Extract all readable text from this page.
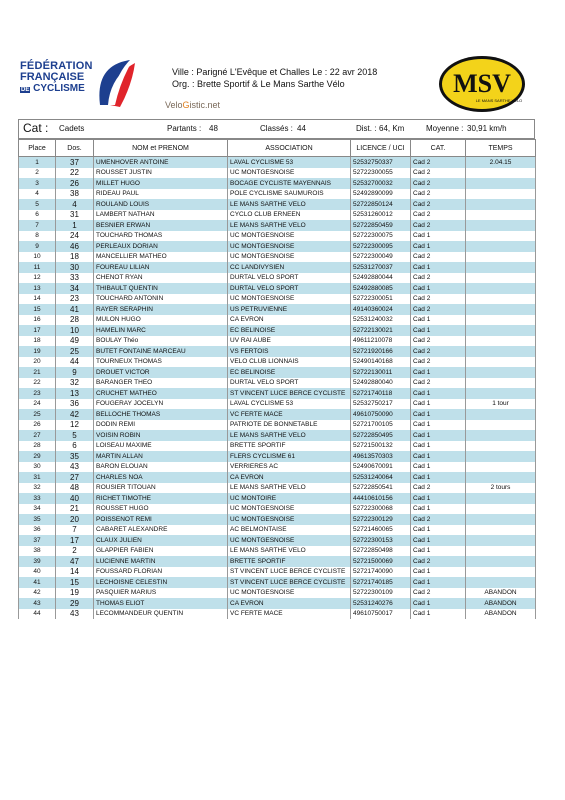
FÉDÉRATION
FRANÇAISE
DE CYCLISME
Ville : Parigné L'Evêque et Challes Le : 22 avr 2018
Org. : Brette Sportif & Le Mans Sarthe Vélo
VeloGistic.net
MSV
LE MANS SARTHE VÉLO
Cat : Cadets	Partants : 48	Classés : 44	Dist. : 64, Km	Moyenne : 30,91 km/h
Place	Dos.	NOM et PRENOM	ASSOCIATION	LICENCE / UCI	CAT.	TEMPS
1	37	UMENHOVER ANTOINE	LAVAL CYCLISME 53	52532750337	Cad 2	2.04.15
2	22	ROUSSET JUSTIN	UC MONTGESNOISE	52722300055	Cad 2	
3	26	MILLET HUGO	BOCAGE CYCLISTE MAYENNAIS	52532700032	Cad 2	
4	38	RIDEAU PAUL	POLE CYCLISME SAUMUROIS	52492890099	Cad 2	
5	4	ROULAND LOUIS	LE MANS SARTHE VELO	52722850124	Cad 2	
6	31	LAMBERT NATHAN	CYCLO CLUB ERNEEN	52531260012	Cad 2	
7	1	BESNIER ERWAN	LE MANS SARTHE VELO	52722850459	Cad 2	
8	24	TOUCHARD THOMAS	UC MONTGESNOISE	52722300075	Cad 1	
9	46	PERLEAUX DORIAN	UC MONTGESNOISE	52722300095	Cad 1	
10	18	MANCELLIER MATHEO	UC MONTGESNOISE	52722300049	Cad 2	
11	30	FOUREAU LILIAN	CC LANDIVYSIEN	52531270037	Cad 1	
12	33	CHENOT RYAN	DURTAL VELO SPORT	52492880044	Cad 2	
13	34	THIBAULT QUENTIN	DURTAL VELO SPORT	52492880085	Cad 1	
14	23	TOUCHARD ANTONIN	UC MONTGESNOISE	52722300051	Cad 2	
15	41	RAYER SERAPHIN	US PETRUVIENNE	49140360024	Cad 2	
16	28	MULON HUGO	CA EVRON	52531240032	Cad 1	
17	10	HAMELIN MARC	EC BELINOISE	52722130021	Cad 1	
18	49	BOULAY Théo	UV RAI AUBE	49611210078	Cad 2	
19	25	BUTET FONTAINE MARCEAU	VS FERTOIS	52721920166	Cad 2	
20	44	TOURNEUX THOMAS	VELO CLUB LIONNAIS	52490140168	Cad 2	
21	9	DROUET VICTOR	EC BELINOISE	52722130011	Cad 1	
22	32	BARANGER THEO	DURTAL VELO SPORT	52492880040	Cad 2	
23	13	CRUCHET MATHEO	ST VINCENT LUCE BERCE CYCLISTE	52721740118	Cad 1	
24	36	FOUGERAY JOCELYN	LAVAL CYCLISME 53	52532750217	Cad 1	1 tour
25	42	BELLOCHE THOMAS	VC FERTE MACE	49610750090	Cad 1	
26	12	DODIN REMI	PATRIOTE DE BONNETABLE	52721700105	Cad 1	
27	5	VOISIN ROBIN	LE MANS SARTHE VELO	52722850495	Cad 1	
28	6	LOISEAU MAXIME	BRETTE SPORTIF	52721500132	Cad 1	
29	35	MARTIN ALLAN	FLERS CYCLISME 61	49613570303	Cad 1	
30	43	BARON ELOUAN	VERRIERES AC	52490670091	Cad 1	
31	27	CHARLES NOA	CA EVRON	52531240064	Cad 1	
32	48	ROUSIER TITOUAN	LE MANS SARTHE VELO	52722850541	Cad 2	2 tours
33	40	RICHET TIMOTHE	UC MONTOIRE	44410610156	Cad 1	
34	21	ROUSSET HUGO	UC MONTGESNOISE	52722300068	Cad 1	
35	20	POISSENOT REMI	UC MONTGESNOISE	52722300129	Cad 2	
36	7	CABARET ALEXANDRE	AC BELMONTAISE	52721460065	Cad 1	
37	17	CLAUX JULIEN	UC MONTGESNOISE	52722300153	Cad 1	
38	2	GLAPPIER FABIEN	LE MANS SARTHE VELO	52722850498	Cad 1	
39	47	LUCIENNE MARTIN	BRETTE SPORTIF	52721500069	Cad 2	
40	14	FOUSSARD FLORIAN	ST VINCENT LUCE BERCE CYCLISTE	52721740090	Cad 1	
41	15	LECHOISNE CELESTIN	ST VINCENT LUCE BERCE CYCLISTE	52721740185	Cad 1	
42	19	PASQUIER MARIUS	UC MONTGESNOISE	52722300109	Cad 2	ABANDON
43	29	THOMAS ELIOT	CA EVRON	52531240276	Cad 1	ABANDON
44	43	LECOMMANDEUR QUENTIN	VC FERTE MACE	49610750017	Cad 1	ABANDON
